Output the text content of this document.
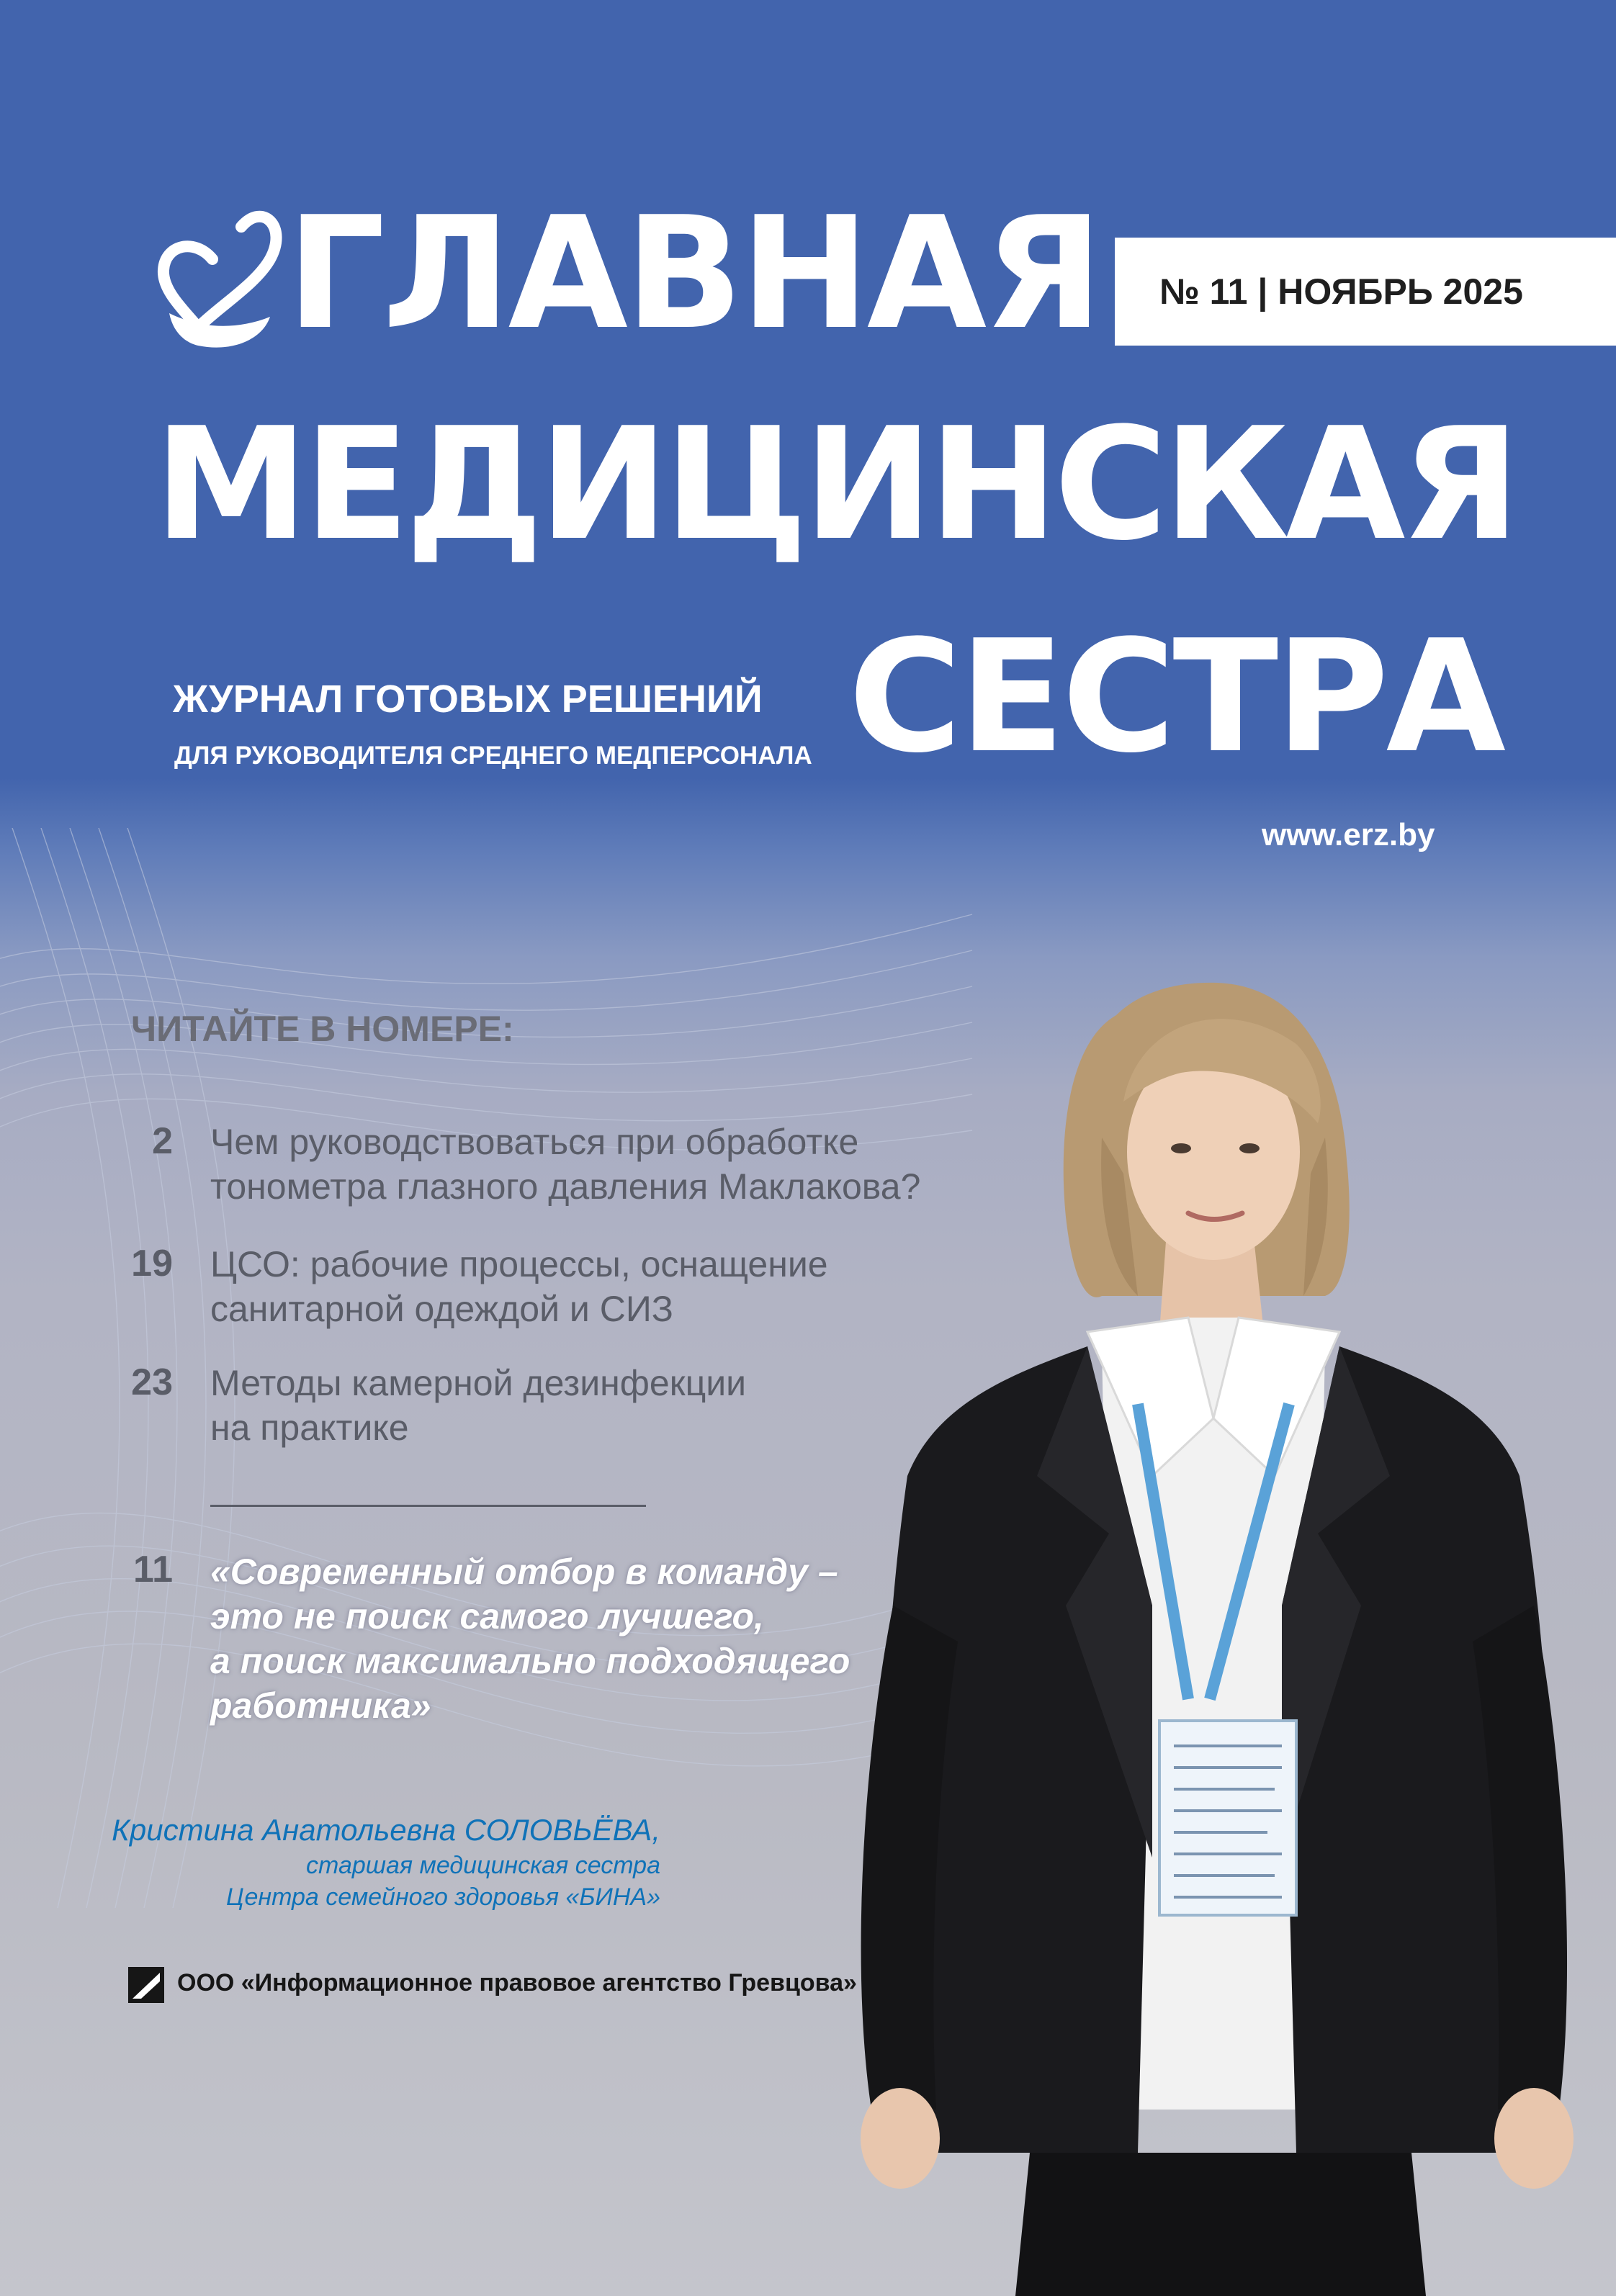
ГЛАВНАЯ
МЕДИЦИНСКАЯ
СЕСТРА
№ 11 | НОЯБРЬ 2025
ЖУРНАЛ ГОТОВЫХ РЕШЕНИЙ
ДЛЯ РУКОВОДИТЕЛЯ СРЕДНЕГО МЕДПЕРСОНАЛА
www.erz.by
ЧИТАЙТЕ В НОМЕРЕ:
2 Чем руководствоваться при обработке
тонометра глазного давления Маклакова?
19 ЦСО: рабочие процессы, оснащение
санитарной одеждой и СИЗ
23 Методы камерной дезинфекции
на практике
11 «Современный отбор в команду –
это не поиск самого лучшего,
а поиск максимально подходящего
работника»
Кристина Анатольевна СОЛОВЬЁВА,
старшая медицинская сестра
Центра семейного здоровья «БИНА»
ООО «Информационное правовое агентство Гревцова»
